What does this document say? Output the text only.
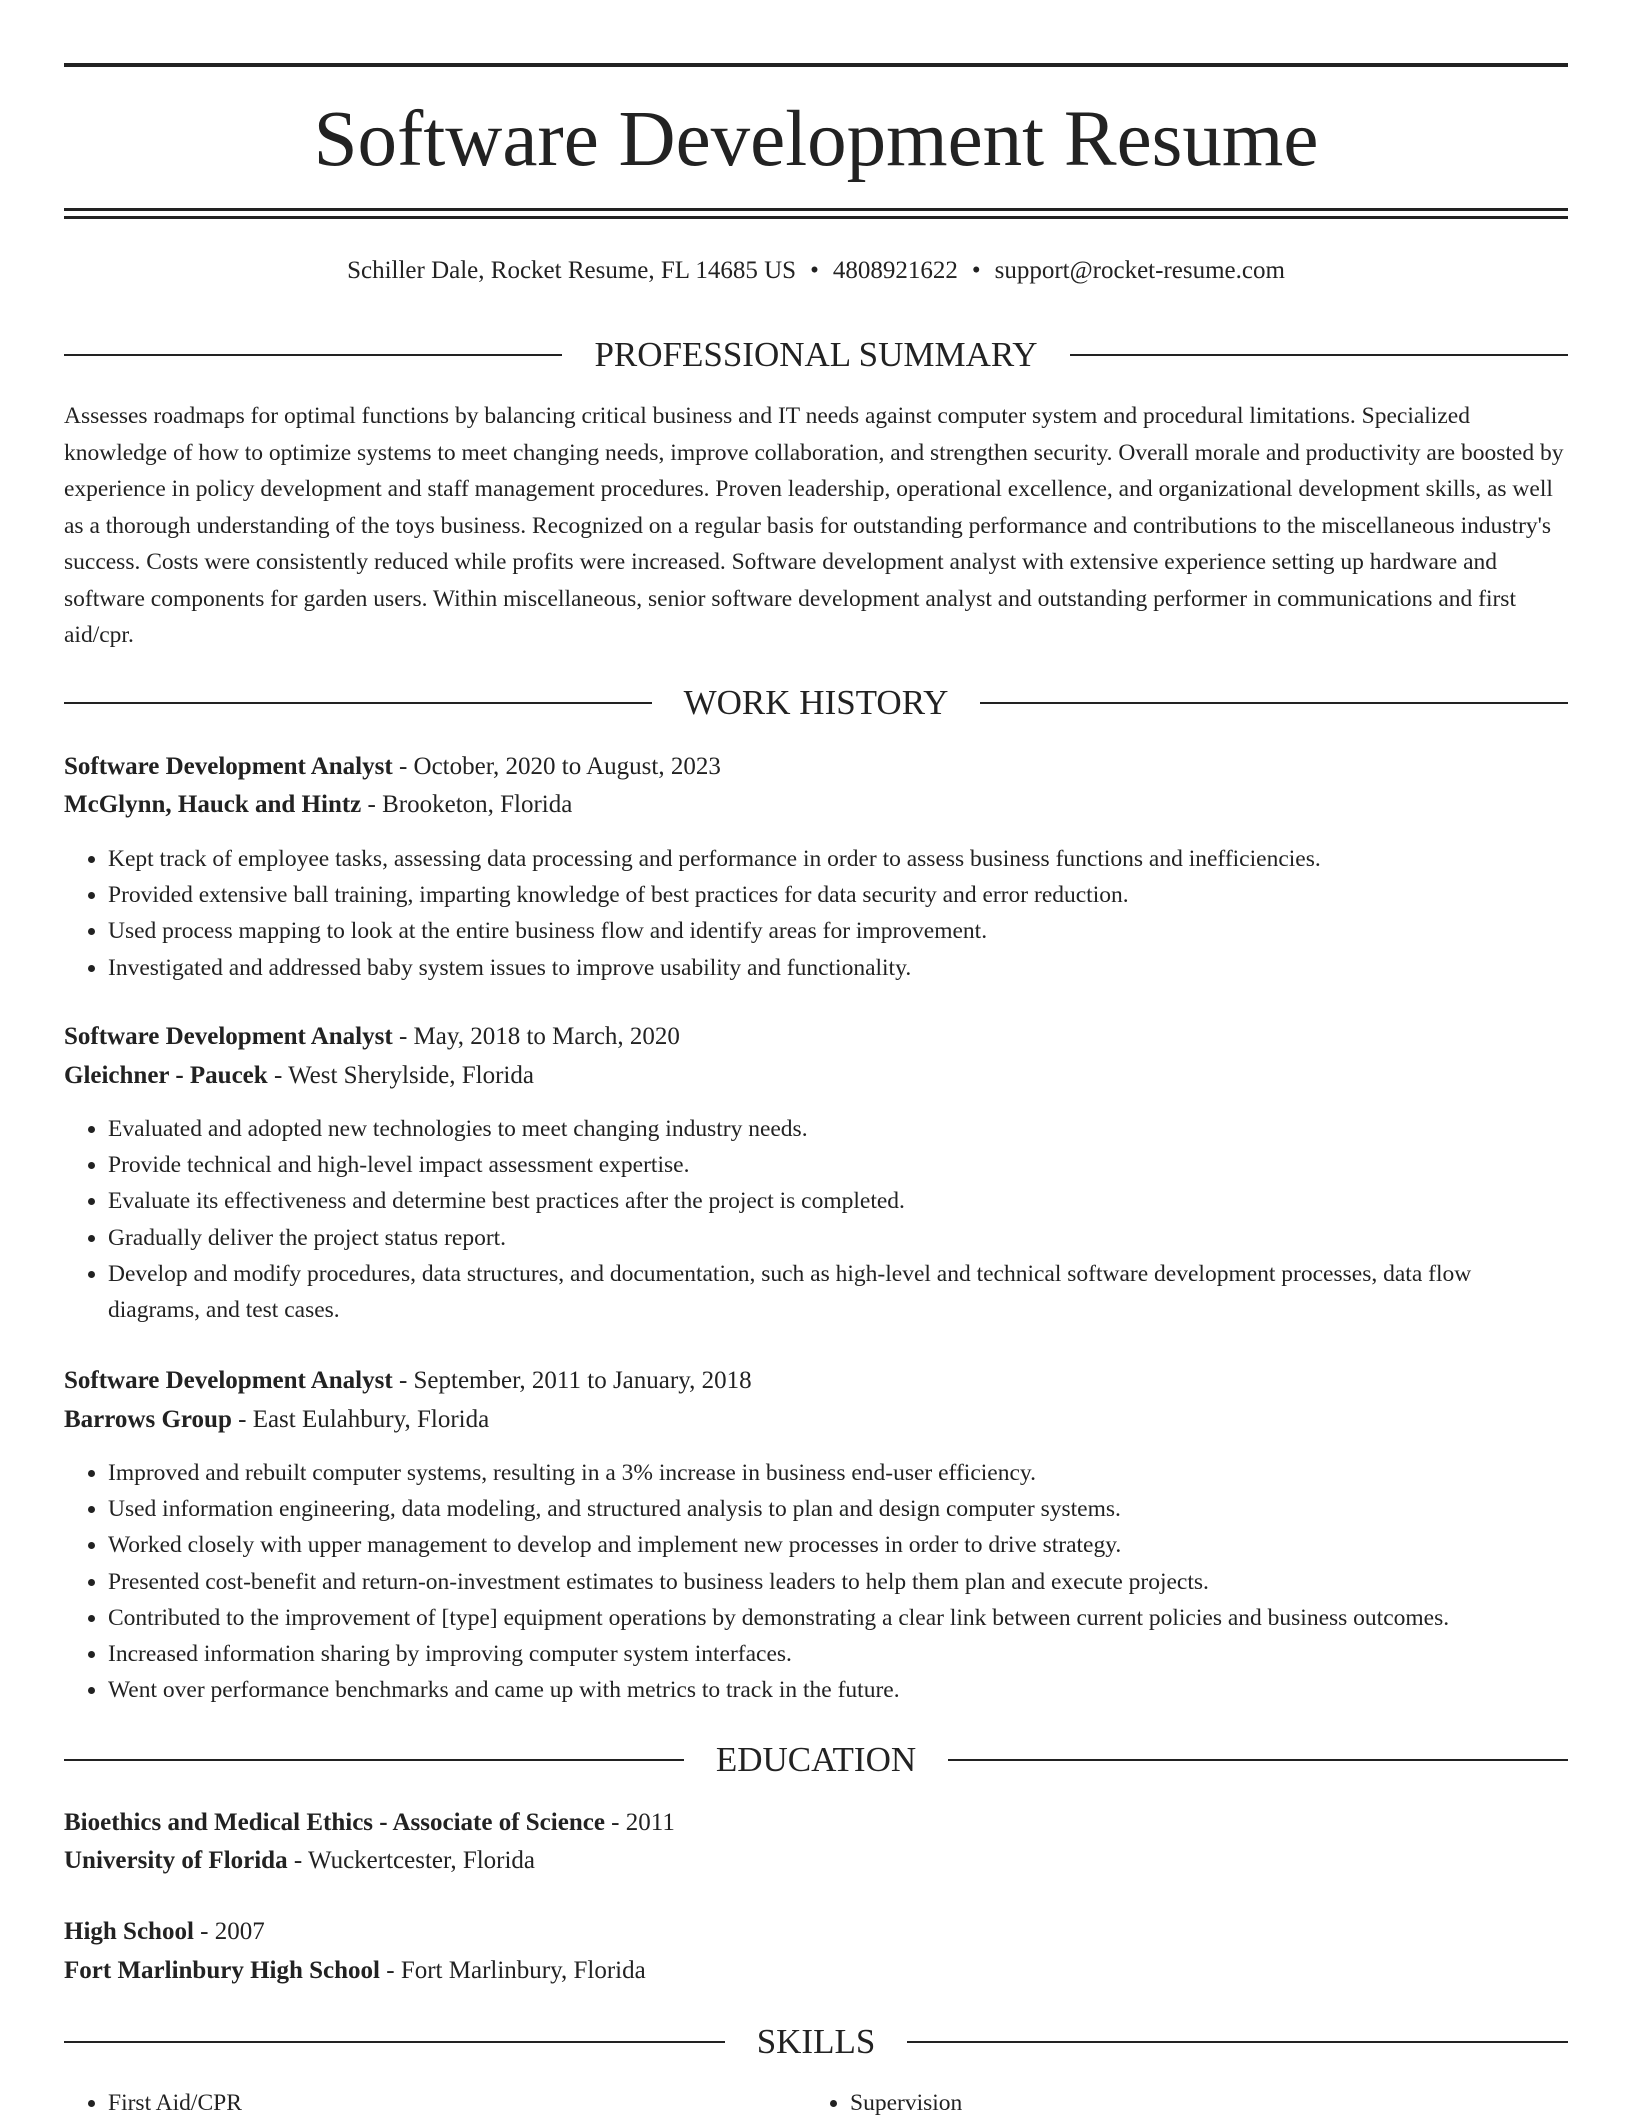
Software Development Resume
Schiller Dale, Rocket Resume, FL 14685 US • 4808921622 • support@rocket-resume.com
PROFESSIONAL SUMMARY

Assesses roadmaps for optimal functions by balancing critical business and IT needs against computer system and procedural limitations. Specialized knowledge of how to optimize systems to meet changing needs, improve collaboration, and strengthen security. Overall morale and productivity are boosted by experience in policy development and staff management procedures. Proven leadership, operational excellence, and organizational development skills, as well as a thorough understanding of the toys business. Recognized on a regular basis for outstanding performance and contributions to the miscellaneous industry's success. Costs were consistently reduced while profits were increased. Software development analyst with extensive experience setting up hardware and software components for garden users. Within miscellaneous, senior software development analyst and outstanding performer in communications and first aid/cpr.

WORK HISTORY
Software Development Analyst - October, 2020 to August, 2023
McGlynn, Hauck and Hintz - Brooketon, Florida
• Kept track of employee tasks, assessing data processing and performance in order to assess business functions and inefficiencies.
• Provided extensive ball training, imparting knowledge of best practices for data security and error reduction.
• Used process mapping to look at the entire business flow and identify areas for improvement.
• Investigated and addressed baby system issues to improve usability and functionality.
Software Development Analyst - May, 2018 to March, 2020
Gleichner - Paucek - West Sherylside, Florida
• Evaluated and adopted new technologies to meet changing industry needs.
• Provide technical and high-level impact assessment expertise.
• Evaluate its effectiveness and determine best practices after the project is completed.
• Gradually deliver the project status report.
• Develop and modify procedures, data structures, and documentation, such as high-level and technical software development processes, data flow diagrams, and test cases.
Software Development Analyst - September, 2011 to January, 2018
Barrows Group - East Eulahbury, Florida
• Improved and rebuilt computer systems, resulting in a 3% increase in business end-user efficiency.
• Used information engineering, data modeling, and structured analysis to plan and design computer systems.
• Worked closely with upper management to develop and implement new processes in order to drive strategy.
• Presented cost-benefit and return-on-investment estimates to business leaders to help them plan and execute projects.
• Contributed to the improvement of [type] equipment operations by demonstrating a clear link between current policies and business outcomes.
• Increased information sharing by improving computer system interfaces.
• Went over performance benchmarks and came up with metrics to track in the future.
EDUCATION
Bioethics and Medical Ethics - Associate of Science - 2011
University of Florida - Wuckertcester, Florida
High School - 2007
Fort Marlinbury High School - Fort Marlinbury, Florida
SKILLS
• First Aid/CPR
•	Supervision
